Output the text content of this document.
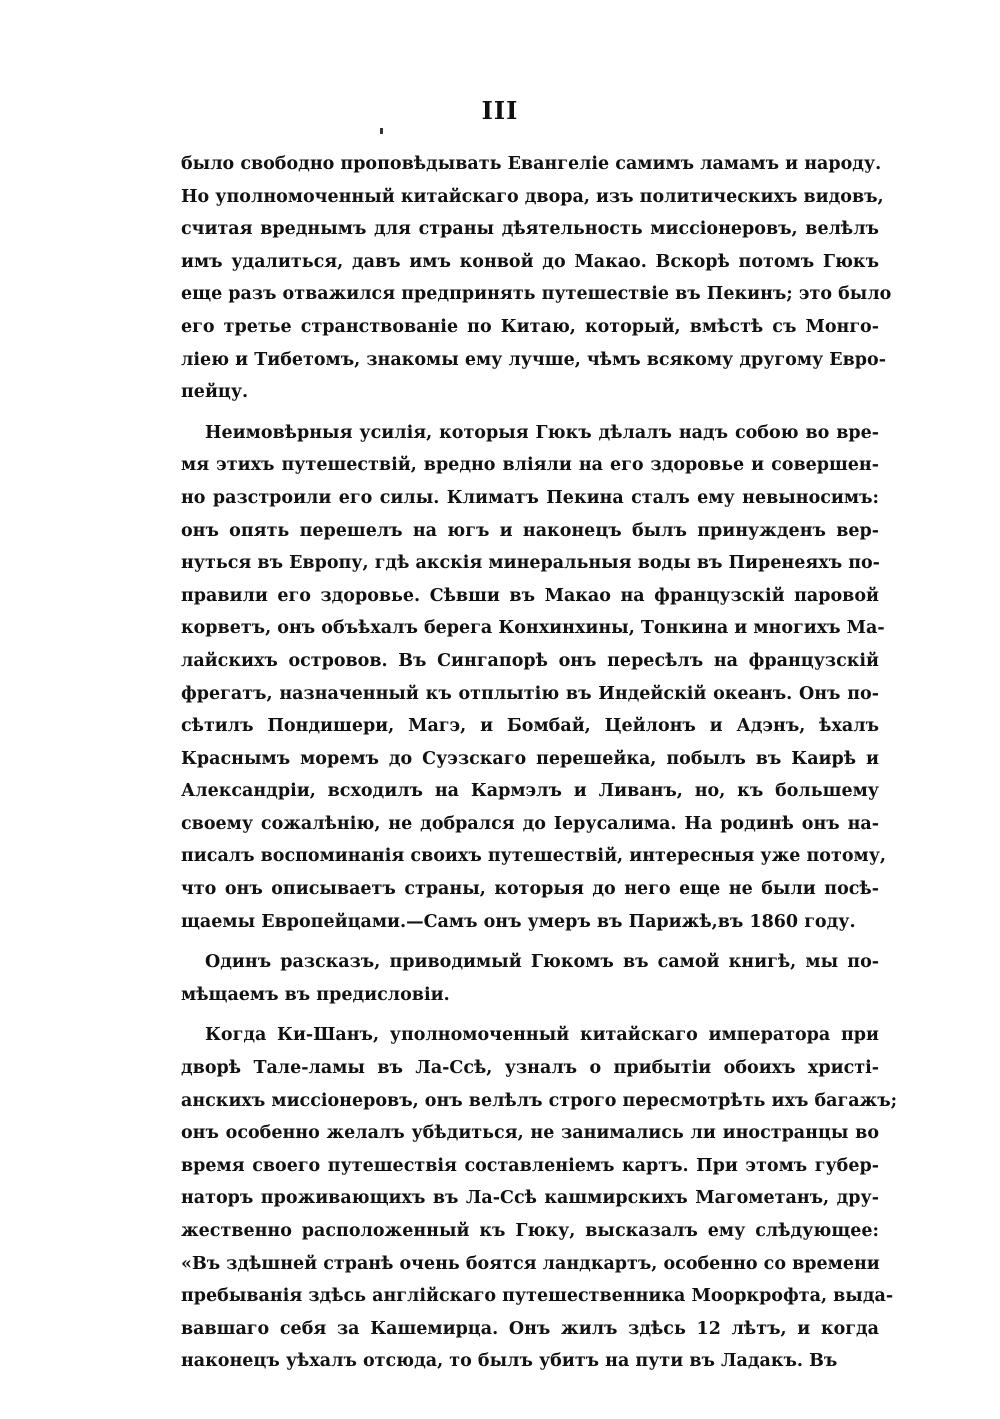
III
было свободно проповѣдывать Евангеліе самимъ ламамъ и народу.
Но уполномоченный китайскаго двора, изъ политическихъ видовъ,
считая вреднымъ для страны дѣятельность миссіонеровъ, велѣлъ
имъ удалиться, давъ имъ конвой до Макао. Вскорѣ потомъ Гюкъ
еще разъ отважился предпринять путешествіе въ Пекинъ; это было
его третье странствованіе по Китаю, который, вмѣстѣ съ Монго-
ліею и Тибетомъ, знакомы ему лучше, чѣмъ всякому другому Евро-
пейцу.
Неимовѣрныя усилія, которыя Гюкъ дѣлалъ надъ собою во вре-
мя этихъ путешествій, вредно вліяли на его здоровье и совершен-
но разстроили его силы. Климатъ Пекина сталъ ему невыносимъ:
онъ опять перешелъ на югъ и наконецъ былъ принужденъ вер-
нуться въ Европу, гдѣ акскія минеральныя воды въ Пиренеяхъ по-
правили его здоровье. Сѣвши въ Макао на французскій паровой
корветъ, онъ объѣхалъ берега Конхинхины, Тонкина и многихъ Ма-
лайскихъ островов. Въ Сингапорѣ онъ пересѣлъ на французскій
фрегатъ, назначенный къ отплытію въ Индейскій океанъ. Онъ по-
сѣтилъ Пондишери, Магэ, и Бомбай, Цейлонъ и Адэнъ, ѣхалъ
Краснымъ моремъ до Суэзскаго перешейка, побылъ въ Каирѣ и
Александріи, всходилъ на Кармэлъ и Ливанъ, но, къ большему
своему сожалѣнію, не добрался до Іерусалима. На родинѣ онъ на-
писалъ воспоминанія своихъ путешествій, интересныя уже потому,
что онъ описываетъ страны, которыя до него еще не были посѣ-
щаемы Европейцами.—Самъ онъ умеръ въ Парижѣ,въ 1860 году.
Одинъ разсказъ, приводимый Гюкомъ въ самой книгѣ, мы по-
мѣщаемъ въ предисловіи.
Когда Ки-Шанъ, уполномоченный китайскаго императора при
дворѣ Тале-ламы въ Ла-Ссѣ, узналъ о прибытіи обоихъ христі-
анскихъ миссіонеровъ, онъ велѣлъ строго пересмотрѣть ихъ багажъ;
онъ особенно желалъ убѣдиться, не занимались ли иностранцы во
время своего путешествія составленіемъ картъ. При этомъ губер-
наторъ проживающихъ въ Ла-Ссѣ кашмирскихъ Магометанъ, дру-
жественно расположенный къ Гюку, высказалъ ему слѣдующее:
«Въ здѣшней странѣ очень боятся ландкартъ, особенно со времени
пребыванія здѣсь англійскаго путешественника Мооркрофта, выда-
вавшаго себя за Кашемирца. Онъ жилъ здѣсь 12 лѣтъ, и когда
наконецъ уѣхалъ отсюда, то былъ убитъ на пути въ Ладакъ. Въ
